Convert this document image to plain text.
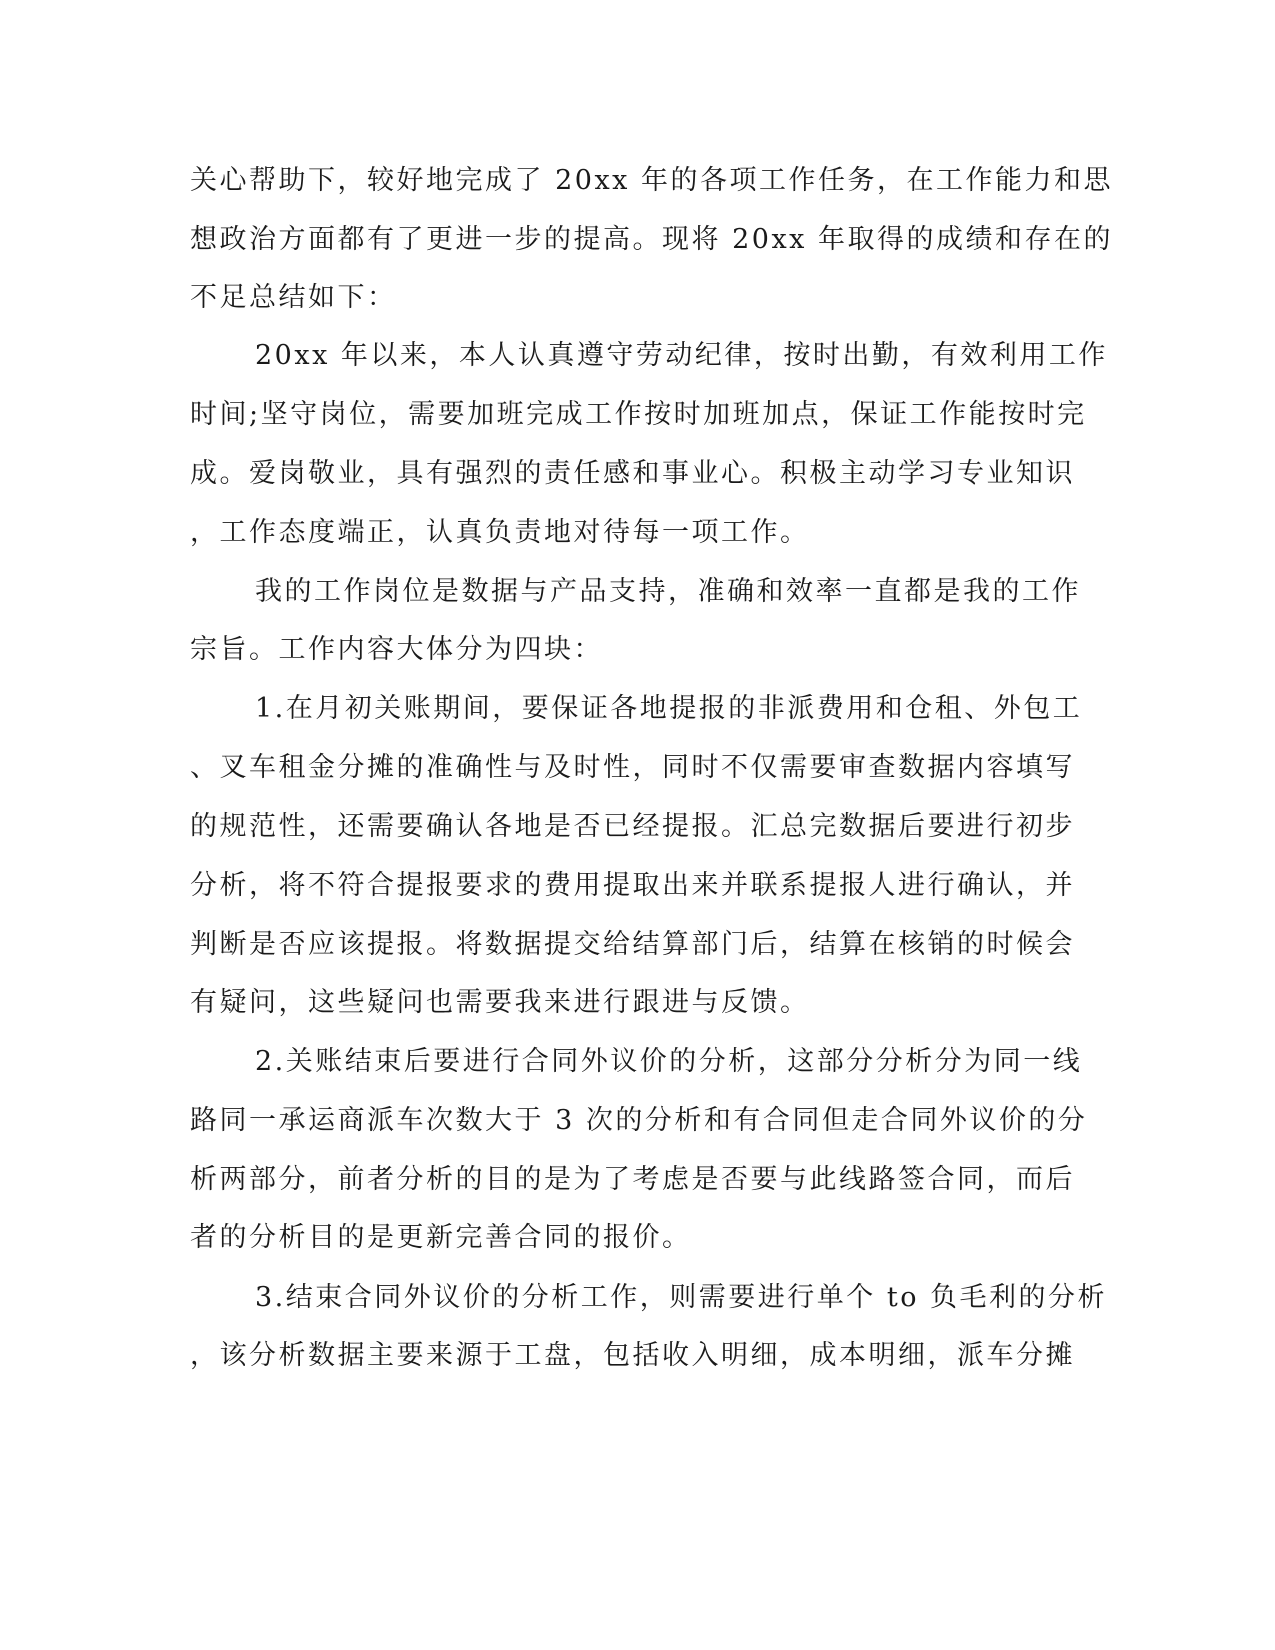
关心帮助下，较好地完成了 20xx 年的各项工作任务，在工作能力和思
想政治方面都有了更进一步的提高。现将 20xx 年取得的成绩和存在的
不足总结如下：
20xx 年以来，本人认真遵守劳动纪律，按时出勤，有效利用工作
时间;坚守岗位，需要加班完成工作按时加班加点，保证工作能按时完
成。爱岗敬业，具有强烈的责任感和事业心。积极主动学习专业知识
，工作态度端正，认真负责地对待每一项工作。
我的工作岗位是数据与产品支持，准确和效率一直都是我的工作
宗旨。工作内容大体分为四块：
1.在月初关账期间，要保证各地提报的非派费用和仓租、外包工
、叉车租金分摊的准确性与及时性，同时不仅需要审查数据内容填写
的规范性，还需要确认各地是否已经提报。汇总完数据后要进行初步
分析，将不符合提报要求的费用提取出来并联系提报人进行确认，并
判断是否应该提报。将数据提交给结算部门后，结算在核销的时候会
有疑问，这些疑问也需要我来进行跟进与反馈。
2.关账结束后要进行合同外议价的分析，这部分分析分为同一线
路同一承运商派车次数大于 3 次的分析和有合同但走合同外议价的分
析两部分，前者分析的目的是为了考虑是否要与此线路签合同，而后
者的分析目的是更新完善合同的报价。
3.结束合同外议价的分析工作，则需要进行单个 to 负毛利的分析
，该分析数据主要来源于工盘，包括收入明细，成本明细，派车分摊
